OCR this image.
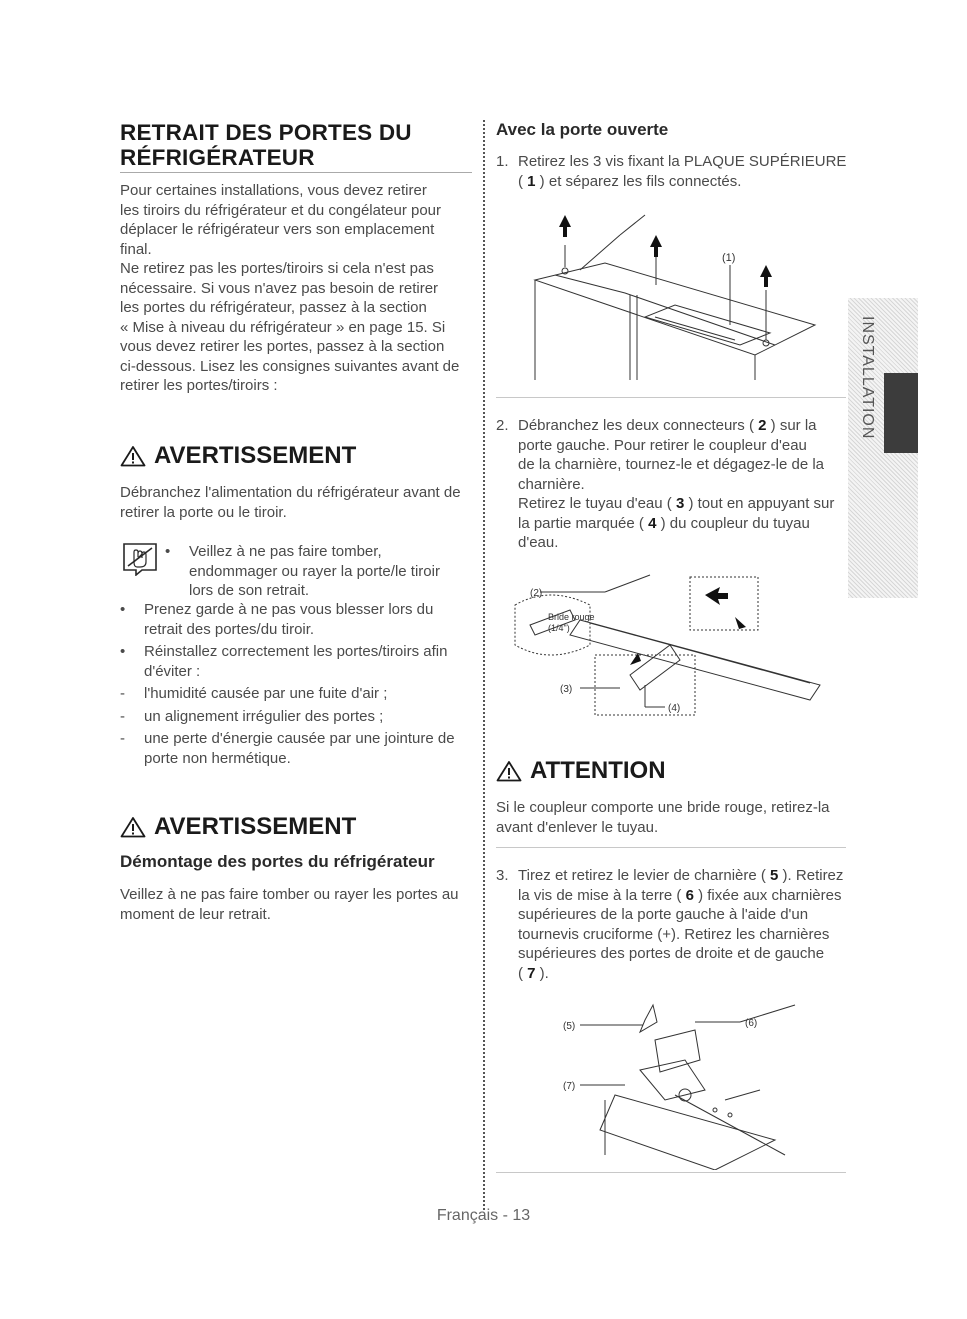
RETRAIT DES PORTES DU
RÉFRIGÉRATEUR
Pour certaines installations, vous devez retirer
les tiroirs du réfrigérateur et du congélateur pour
déplacer le réfrigérateur vers son emplacement
final.
Ne retirez pas les portes/tiroirs si cela n'est pas
nécessaire. Si vous n'avez pas besoin de retirer
les portes du réfrigérateur, passez à la section
« Mise à niveau du réfrigérateur » en page 15. Si
vous devez retirer les portes, passez à la section
ci-dessous. Lisez les consignes suivantes avant de
retirer les portes/tiroirs :
AVERTISSEMENT
Débranchez l'alimentation du réfrigérateur avant de
retirer la porte ou le tiroir.
•	Veillez à ne pas faire tomber,
endommager ou rayer la porte/le tiroir
lors de son retrait.
•	Prenez garde à ne pas vous blesser lors du
retrait des portes/du tiroir.
•	Réinstallez correctement les portes/tiroirs afin
d'éviter :
-	l'humidité causée par une fuite d'air ;
-	un alignement irrégulier des portes ;
-	une perte d'énergie causée par une jointure de
porte non hermétique.
AVERTISSEMENT
Démontage des portes du réfrigérateur
Veillez à ne pas faire tomber ou rayer les portes au
moment de leur retrait.
Avec la porte ouverte
1. Retirez les 3 vis fixant la PLAQUE SUPÉRIEURE
( 1 ) et séparez les fils connectés.
(1)
2. Débranchez les deux connecteurs ( 2 ) sur la
porte gauche. Pour retirer le coupleur d'eau
de la charnière, tournez-le et dégagez-le de la
charnière.
Retirez le tuyau d'eau ( 3 ) tout en appuyant sur
la partie marquée ( 4 ) du coupleur du tuyau
d'eau.
(2)
(3)
(4)
Bride rouge
(1/4")
ATTENTION
Si le coupleur comporte une bride rouge, retirez-la
avant d'enlever le tuyau.
3. Tirez et retirez le levier de charnière ( 5 ). Retirez
la vis de mise à la terre ( 6 ) fixée aux charnières
supérieures de la porte gauche à l'aide d'un
tournevis cruciforme (+). Retirez les charnières
supérieures des portes de droite et de gauche
( 7 ).
(5)	(6)
(7)
INSTALLATION
Français - 13
